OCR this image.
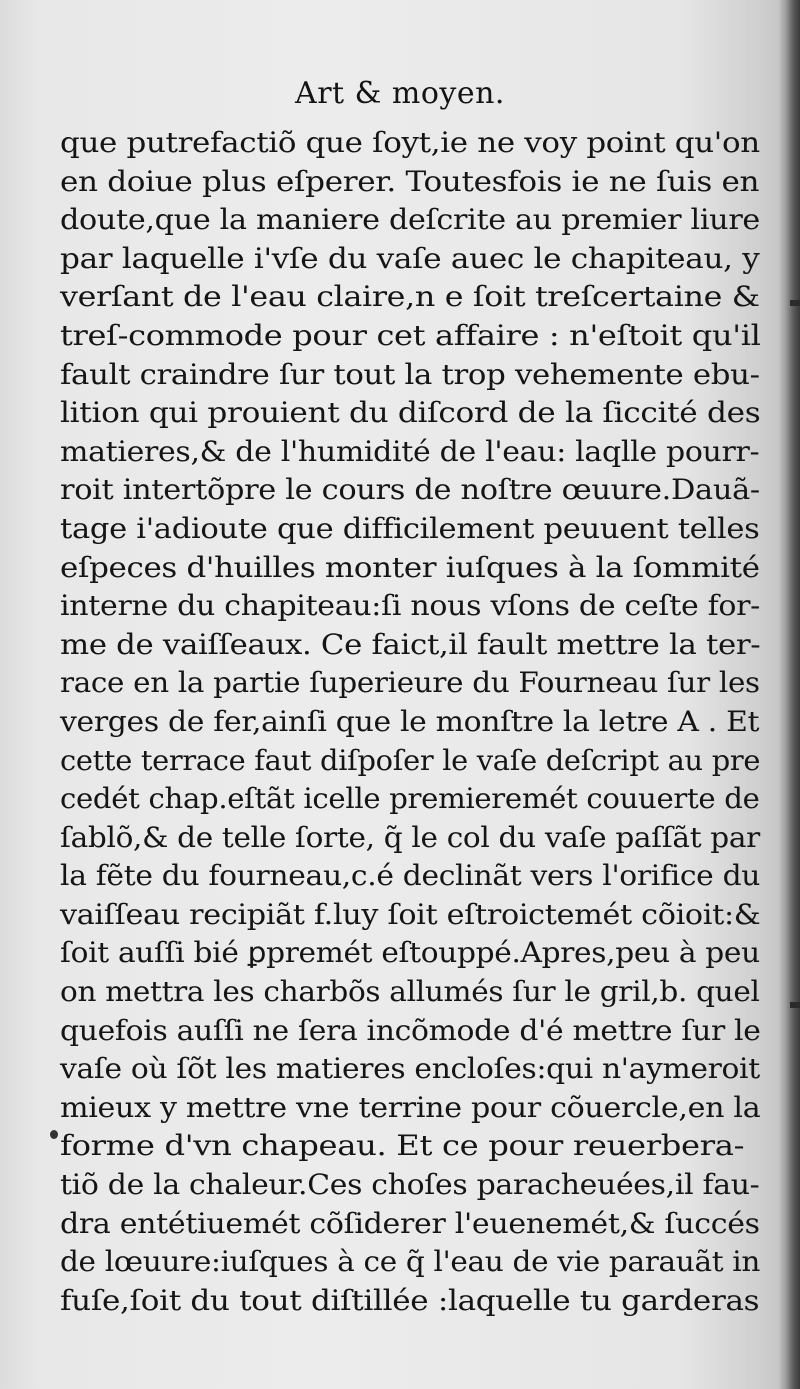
Art & moyen.
que putrefactiõ que ſoyt,ie ne voy point qu'on
en doiue plus eſperer. Toutesfois ie ne ſuis en
doute,que la maniere deſcrite au premier liure
par laquelle i'vſe du vaſe auec le chapiteau, y
verſant de l'eau claire,n e ſoit treſcertaine &
treſ-commode pour cet affaire : n'eſtoit qu'il
fault craindre ſur tout la trop vehemente ebu-
lition qui prouient du diſcord de la ſiccité des
matieres,& de l'humidité de l'eau: laqlle pourr-
roit intertõpre le cours de noſtre œuure.Dauã-
tage i'adioute que difficilement peuuent telles
eſpeces d'huilles monter iuſques à la ſommité
interne du chapiteau:ſi nous vſons de ceſte for-
me de vaiſſeaux. Ce faict,il fault mettre la ter-
race en la partie ſuperieure du Fourneau ſur les
verges de fer,ainſi que le monſtre la letre A . Et
cette terrace faut diſpoſer le vaſe deſcript au pre
cedét chap.eſtãt icelle premieremét couuerte de
ſablõ,& de telle ſorte, q̃ le col du vaſe paſſãt par
la fẽte du fourneau,c.é declinãt vers l'orifice du
vaiſſeau recipiãt f.luy ſoit eſtroictemét cõioit:&
ſoit auſſi bié ꝑpremét eſtouppé.Apres,peu à peu
on mettra les charbõs allumés ſur le gril,b. quel
quefois auſſi ne ſera incõmode d'é mettre ſur le
vaſe où ſõt les matieres encloſes:qui n'aymeroit
mieux y mettre vne terrine pour cõuercle,en la
forme d'vn chapeau. Et ce pour reuerbera-
tiõ de la chaleur.Ces choſes paracheuées,il fau-
dra entétiuemét cõſiderer l'euenemét,& ſuccés
de lœuure:iuſques à ce q̃ l'eau de vie parauãt in
fuſe,ſoit du tout diſtillée :laquelle tu garderas
